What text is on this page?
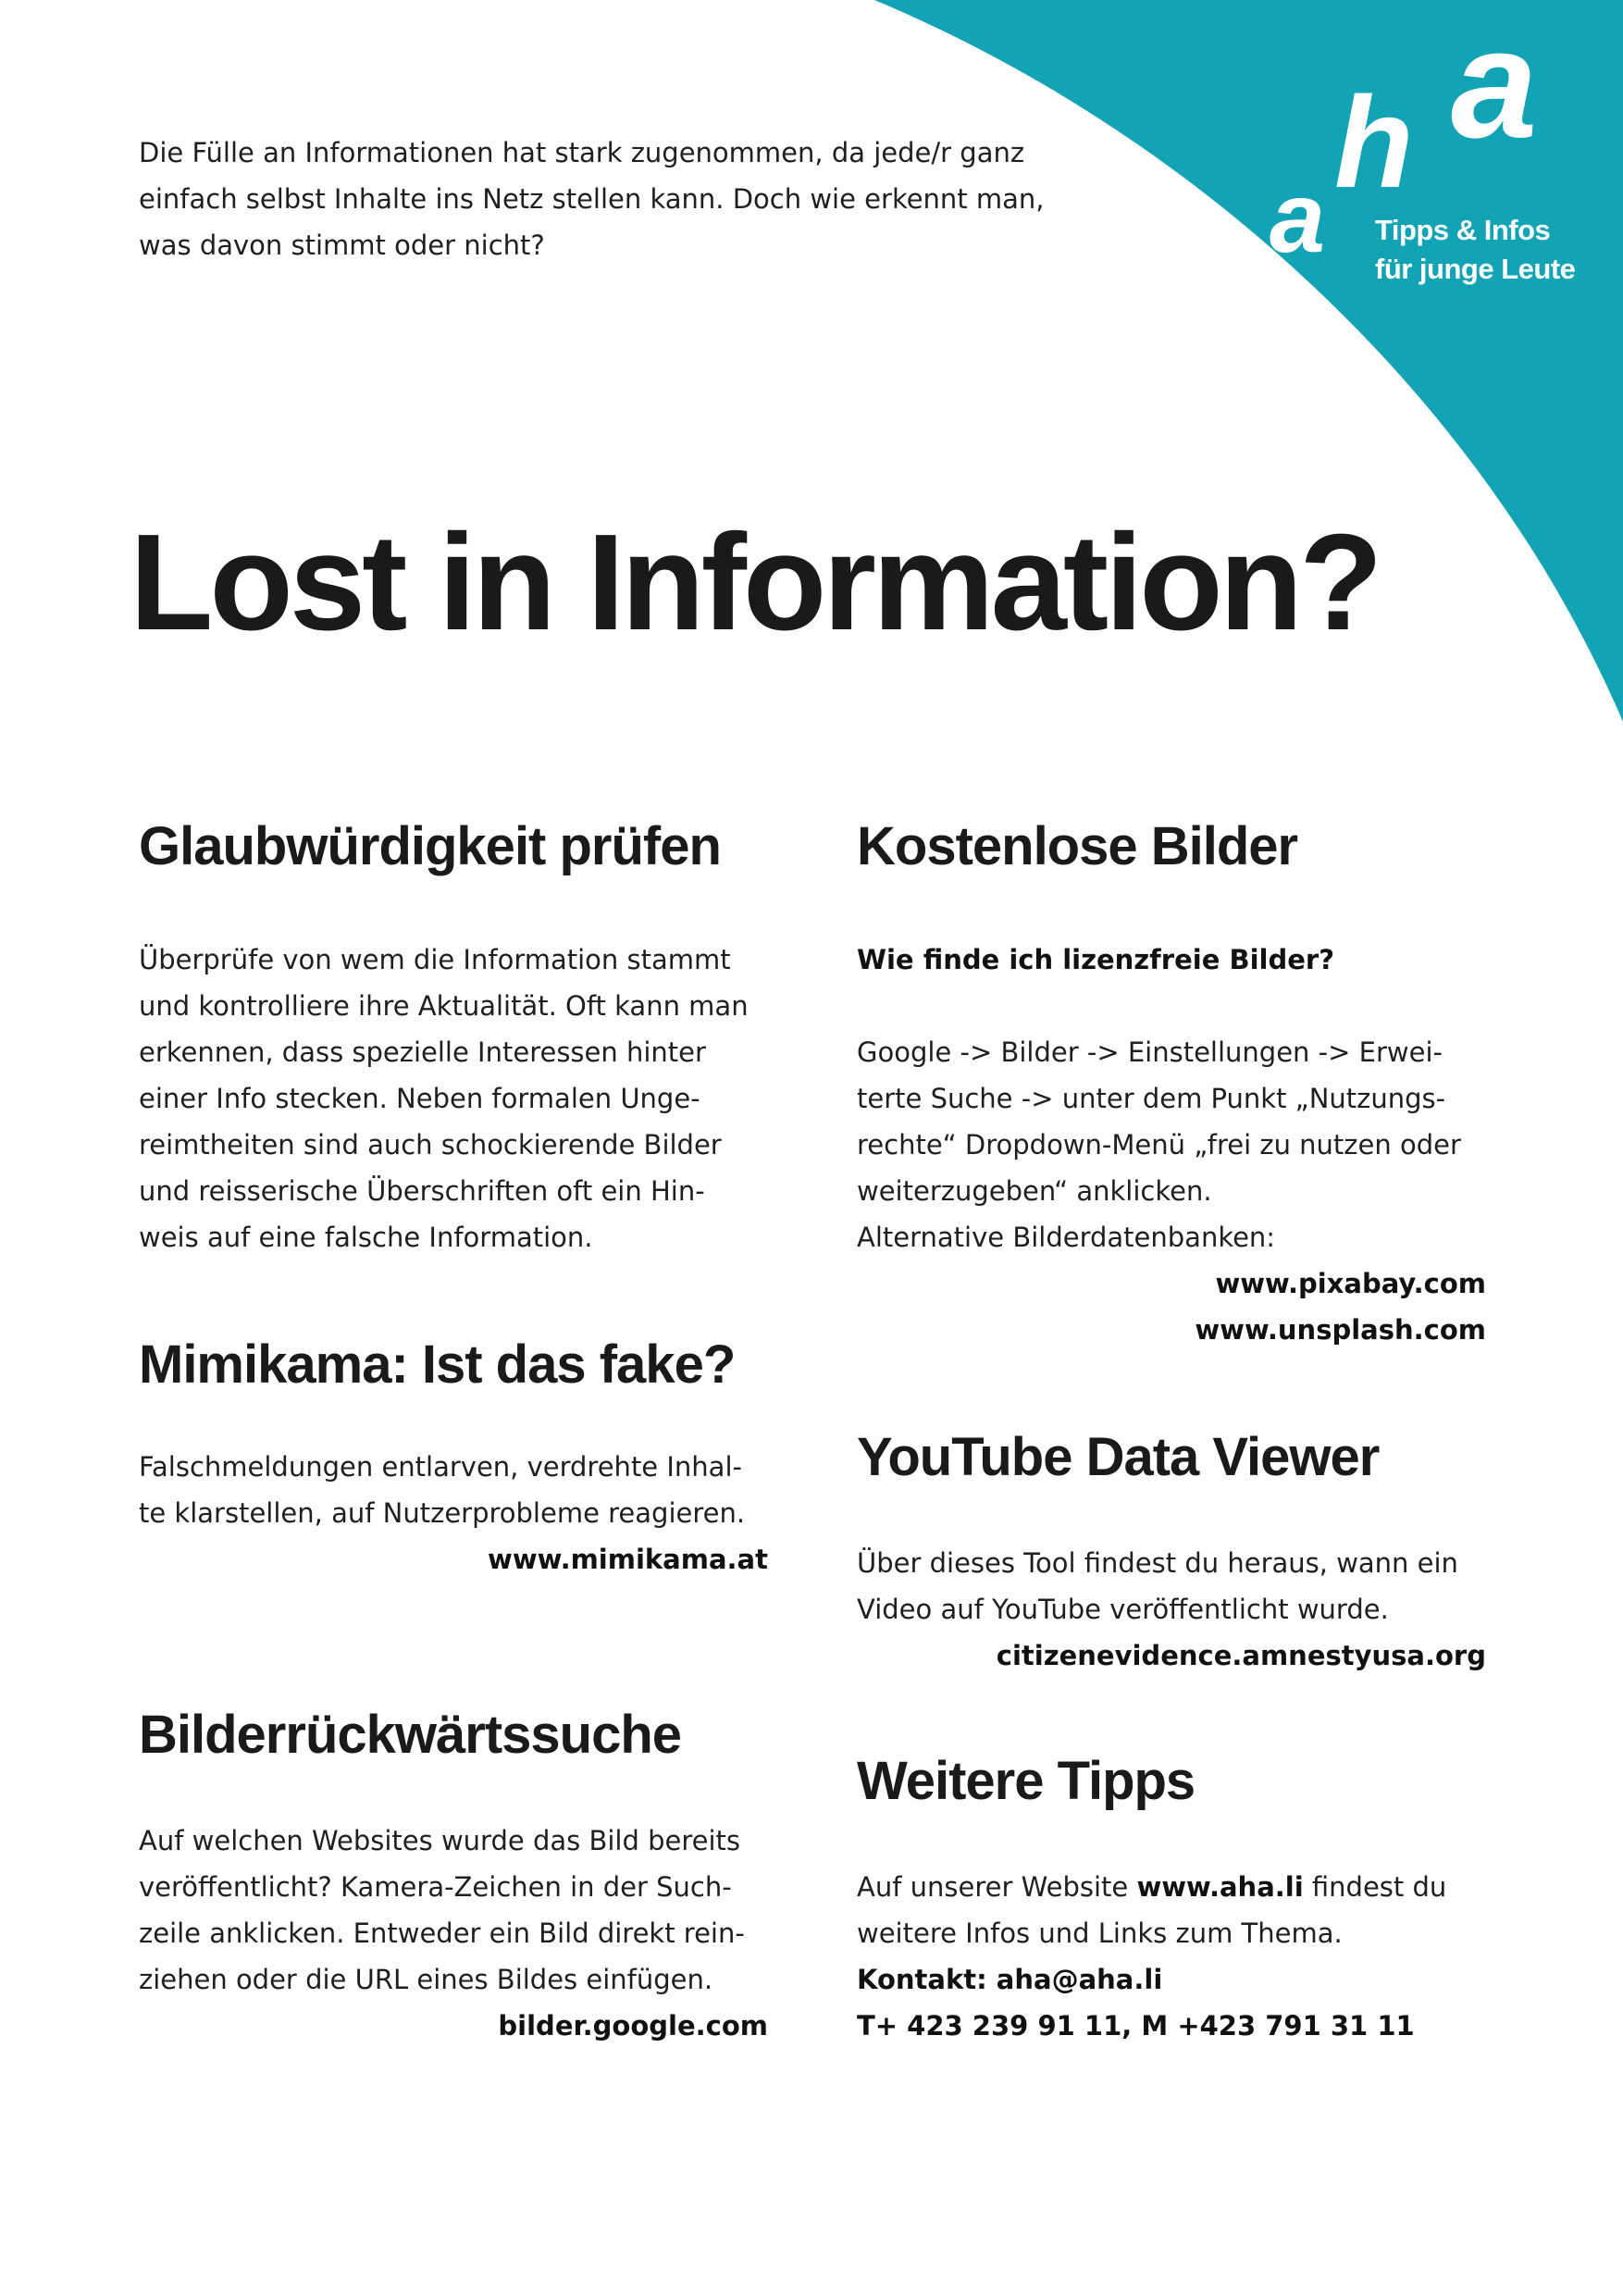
a
h a
Tipps & Infos
für junge Leute
Die Fülle an Informationen hat stark zugenommen, da jede/r ganz
einfach selbst Inhalte ins Netz stellen kann. Doch wie erkennt man,
was davon stimmt oder nicht?
Lost in Information?
Glaubwürdigkeit prüfen
Überprüfe von wem die Information stammt
und kontrolliere ihre Aktualität. Oft kann man
erkennen, dass spezielle Interessen hinter
einer Info stecken. Neben formalen Unge-
reimtheiten sind auch schockierende Bilder
und reisserische Überschriften oft ein Hin-
weis auf eine falsche Information.
Mimikama: Ist das fake?
Falschmeldungen entlarven, verdrehte Inhal-
te klarstellen, auf Nutzerprobleme reagieren.
www.mimikama.at
Bilderrückwärtssuche
Auf welchen Websites wurde das Bild bereits
veröffentlicht? Kamera-Zeichen in der Such-
zeile anklicken. Entweder ein Bild direkt rein-
ziehen oder die URL eines Bildes einfügen.
bilder.google.com
Kostenlose Bilder
Wie finde ich lizenzfreie Bilder?
Google -> Bilder -> Einstellungen -> Erwei-
terte Suche -> unter dem Punkt „Nutzungs-
rechte“ Dropdown-Menü „frei zu nutzen oder
weiterzugeben“ anklicken.
Alternative Bilderdatenbanken:
www.pixabay.com
www.unsplash.com
YouTube Data Viewer
Über dieses Tool findest du heraus, wann ein
Video auf YouTube veröffentlicht wurde.
citizenevidence.amnestyusa.org
Weitere Tipps
Auf unserer Website www.aha.li findest du
weitere Infos und Links zum Thema.
Kontakt: aha@aha.li
T+ 423 239 91 11, M +423 791 31 11
